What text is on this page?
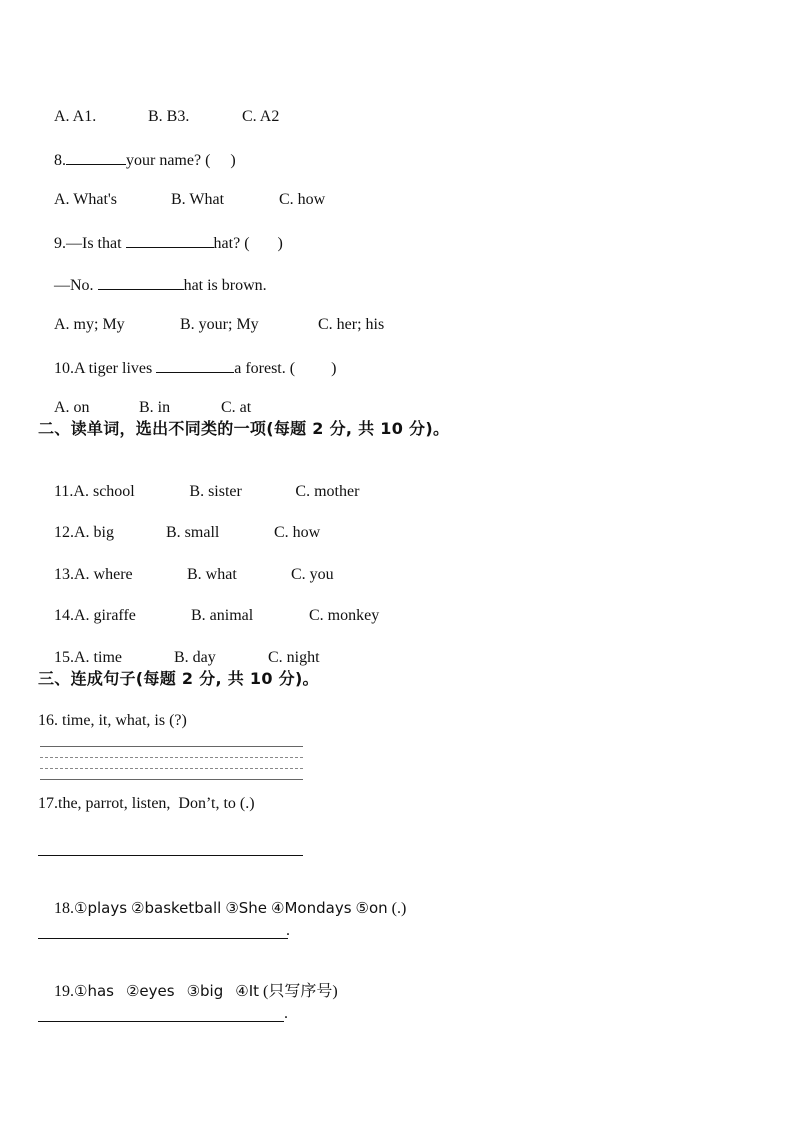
A. A1.	B. B3.	C. A2

8.	your name? (     )

A. What's	B. What	C. how

9.—Is that	hat? (       )

—No.	hat is brown.

A. my; My	B. your; My	C. her; his

10.A tiger lives	a forest. (         )

A. on	B. in	C. at

二、读单词，选出不同类的一项(每题 2 分, 共 10 分)。

11.A. school	B. sister	C. mother

12.A. big	B. small	C. how

13.A. where	B. what	C. you

14.A. giraffe	B. animal	C. monkey

15.A. time	B. day	C. night

三、连成句子(每题 2 分, 共 10 分)。
16. time, it, what, is (?)
17.the, parrot, listen,  Don’t, to (.)

18.①plays ②basketball ③She ④Mondays ⑤on (.)

.

19.①has ②eyes ③big ④It (只写序号)

.
